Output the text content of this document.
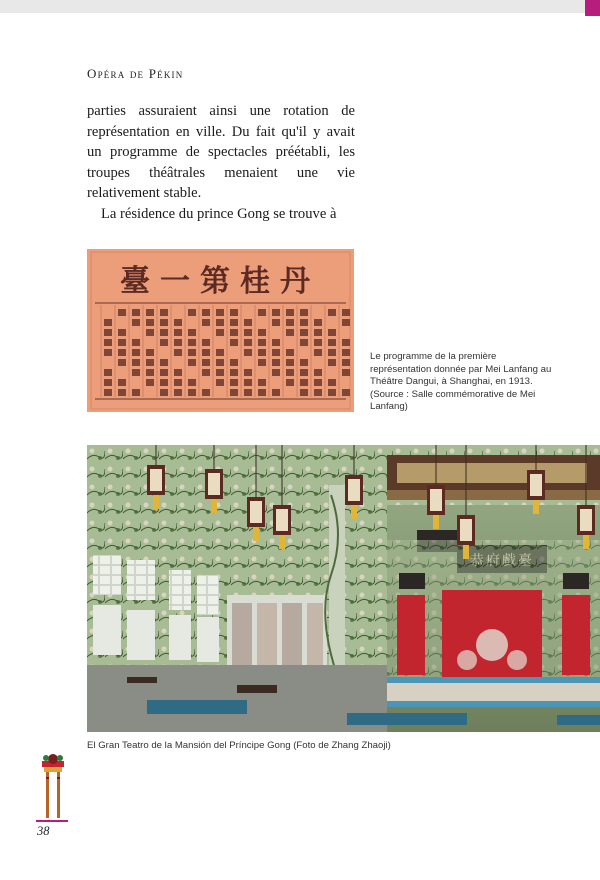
Opéra de Pékin

parties assuraient ainsi une rotation de représentation en ville. Du fait qu'il y avait un programme de spectacles préétabli, les troupes théâtrales menaient une vie relativement stable.

La résidence du prince Gong se trouve à

臺一第桂丹
Le programme de la première représentation donnée par Mei Lanfang au Théâtre Dangui, à Shanghai, en 1913. (Source : Salle commémorative de Mei Lanfang)
El Gran Teatro de la Mansión del Príncipe Gong (Foto de Zhang Zhaoji)
38
